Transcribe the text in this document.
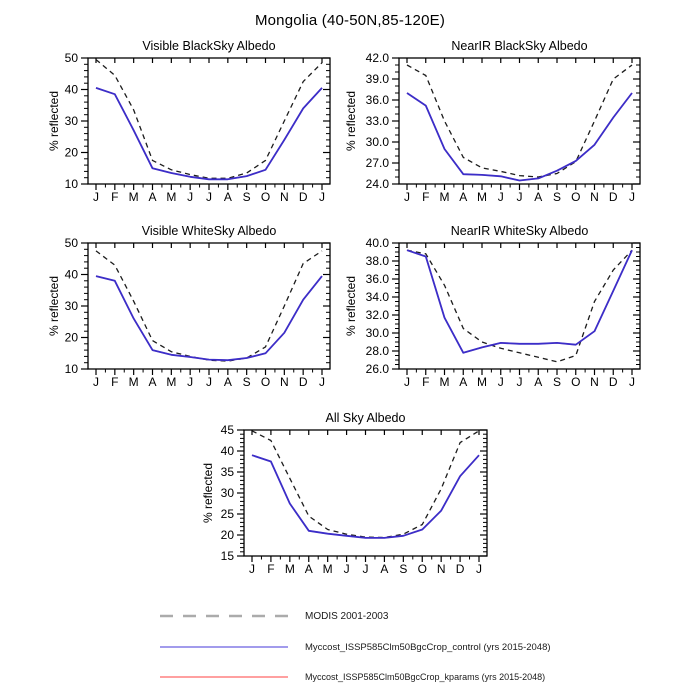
Mongolia (40-50N,85-120E)
Visible BlackSky Albedo
10
20
30
40
50
J F M A M J J A S O N D J
% reflected
NearIR BlackSky Albedo
24.0
27.0
30.0
33.0
36.0
39.0
42.0
J F M A M J J A S O N D J
% reflected
Visible WhiteSky Albedo
10
20
30
40
50
J F M A M J J A S O N D J
% reflected
NearIR WhiteSky Albedo
26.0
28.0
30.0
32.0
34.0
36.0
38.0
40.0
J F M A M J J A S O N D J
% reflected
All Sky Albedo
15
20
25
30
35
40
45
J F M A M J J A S O N D J
% reflected
MODIS 2001-2003
Myccost_ISSP585Clm50BgcCrop_control (yrs 2015-2048)
Myccost_ISSP585Clm50BgcCrop_kparams (yrs 2015-2048)
